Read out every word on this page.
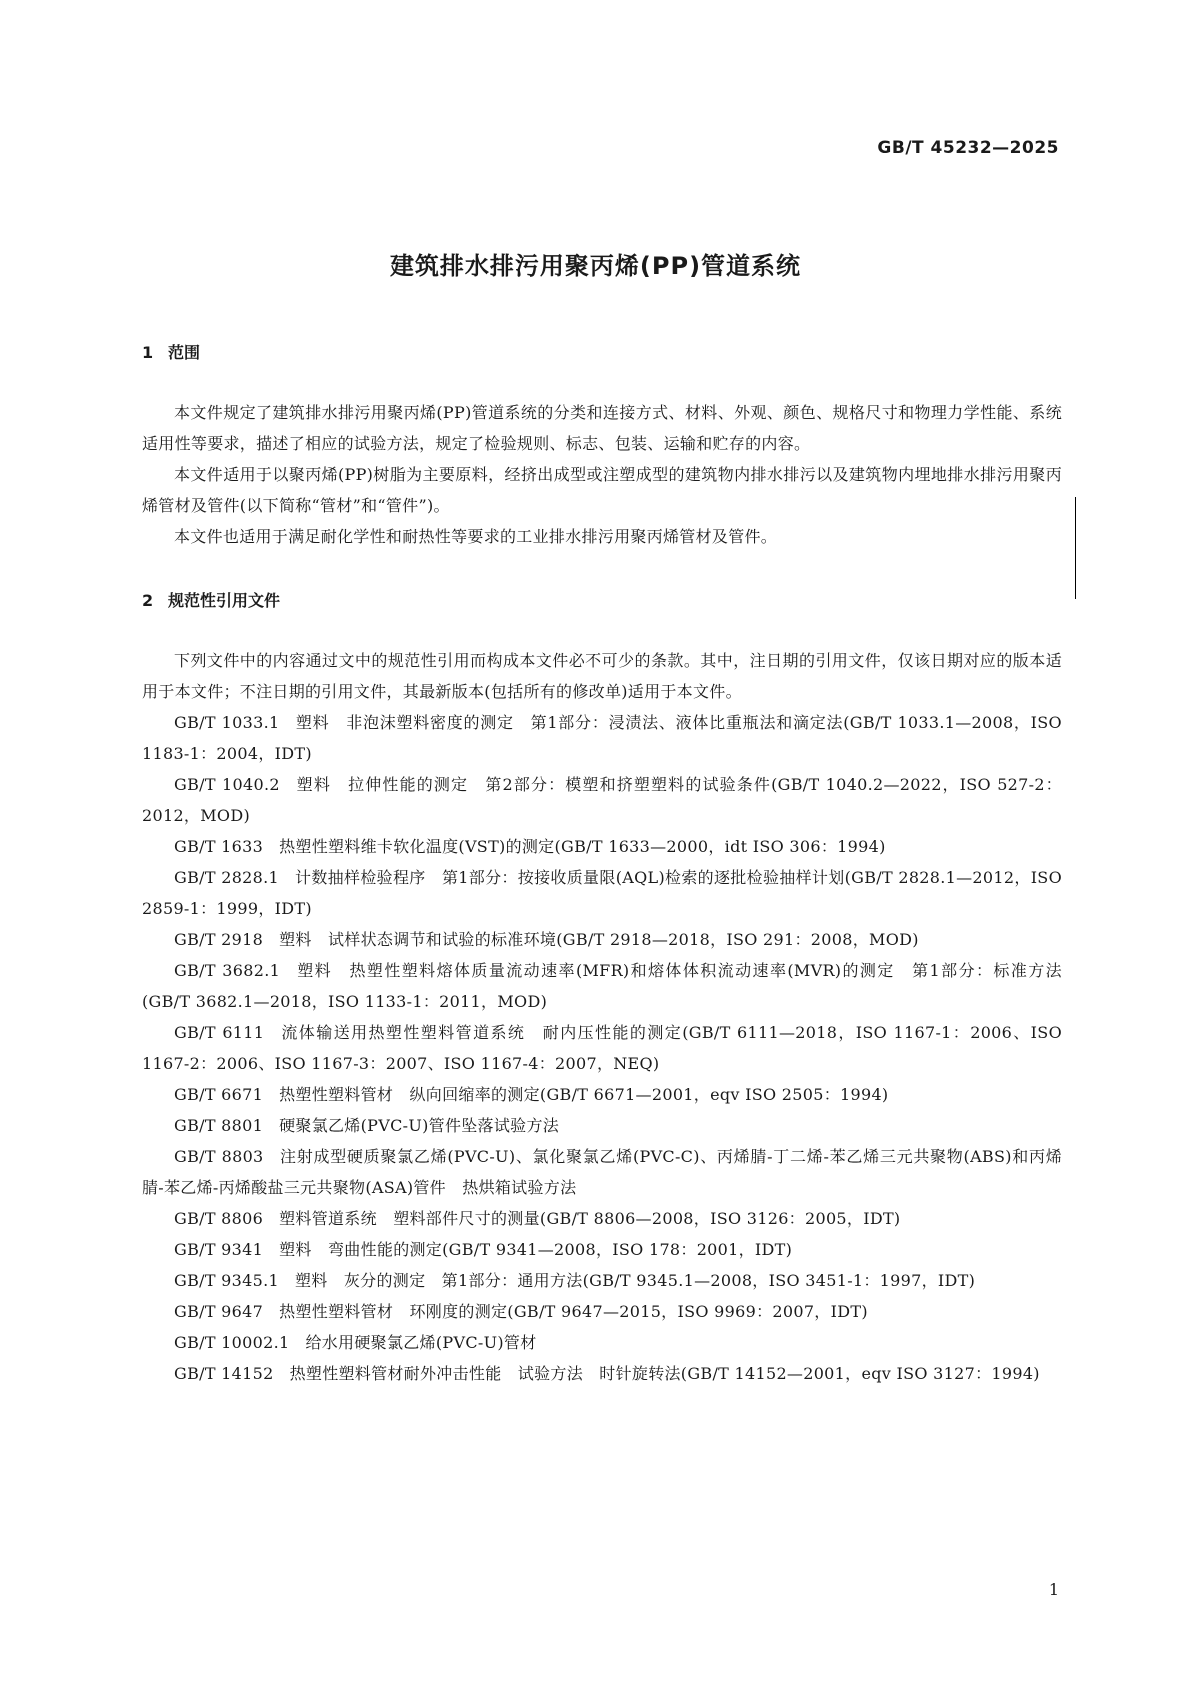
GB/T 45232—2025
建筑排水排污用聚丙烯(PP)管道系统
1 范围

本文件规定了建筑排水排污用聚丙烯(PP)管道系统的分类和连接方式、材料、外观、颜色、规格尺寸和物理力学性能、系统适用性等要求，描述了相应的试验方法，规定了检验规则、标志、包装、运输和贮存的内容。

本文件适用于以聚丙烯(PP)树脂为主要原料，经挤出成型或注塑成型的建筑物内排水排污以及建筑物内埋地排水排污用聚丙烯管材及管件(以下简称“管材”和“管件”)。

本文件也适用于满足耐化学性和耐热性等要求的工业排水排污用聚丙烯管材及管件。

2 规范性引用文件

下列文件中的内容通过文中的规范性引用而构成本文件必不可少的条款。其中，注日期的引用文件，仅该日期对应的版本适用于本文件；不注日期的引用文件，其最新版本(包括所有的修改单)适用于本文件。

GB/T 1033.1 塑料　非泡沫塑料密度的测定　第1部分：浸渍法、液体比重瓶法和滴定法(GB/T 1033.1—2008，ISO 1183-1：2004，IDT)

GB/T 1040.2 塑料　拉伸性能的测定　第2部分：模塑和挤塑塑料的试验条件(GB/T 1040.2—2022，ISO 527-2：2012，MOD)

GB/T 1633 热塑性塑料维卡软化温度(VST)的测定(GB/T 1633—2000，idt ISO 306：1994)

GB/T 2828.1 计数抽样检验程序　第1部分：按接收质量限(AQL)检索的逐批检验抽样计划(GB/T 2828.1—2012，ISO 2859-1：1999，IDT)

GB/T 2918 塑料　试样状态调节和试验的标准环境(GB/T 2918—2018，ISO 291：2008，MOD)

GB/T 3682.1 塑料　热塑性塑料熔体质量流动速率(MFR)和熔体体积流动速率(MVR)的测定　第1部分：标准方法(GB/T 3682.1—2018，ISO 1133-1：2011，MOD)

GB/T 6111 流体输送用热塑性塑料管道系统　耐内压性能的测定(GB/T 6111—2018，ISO 1167-1：2006、ISO 1167-2：2006、ISO 1167-3：2007、ISO 1167-4：2007，NEQ)

GB/T 6671 热塑性塑料管材　纵向回缩率的测定(GB/T 6671—2001，eqv ISO 2505：1994)

GB/T 8801 硬聚氯乙烯(PVC-U)管件坠落试验方法

GB/T 8803 注射成型硬质聚氯乙烯(PVC-U)、氯化聚氯乙烯(PVC-C)、丙烯腈-丁二烯-苯乙烯三元共聚物(ABS)和丙烯腈-苯乙烯-丙烯酸盐三元共聚物(ASA)管件　热烘箱试验方法

GB/T 8806 塑料管道系统　塑料部件尺寸的测量(GB/T 8806—2008，ISO 3126：2005，IDT)

GB/T 9341 塑料　弯曲性能的测定(GB/T 9341—2008，ISO 178：2001，IDT)

GB/T 9345.1 塑料　灰分的测定　第1部分：通用方法(GB/T 9345.1—2008，ISO 3451-1：1997，IDT)

GB/T 9647 热塑性塑料管材　环刚度的测定(GB/T 9647—2015，ISO 9969：2007，IDT)

GB/T 10002.1 给水用硬聚氯乙烯(PVC-U)管材

GB/T 14152 热塑性塑料管材耐外冲击性能　试验方法　时针旋转法(GB/T 14152—2001，eqv ISO 3127：1994)

1
